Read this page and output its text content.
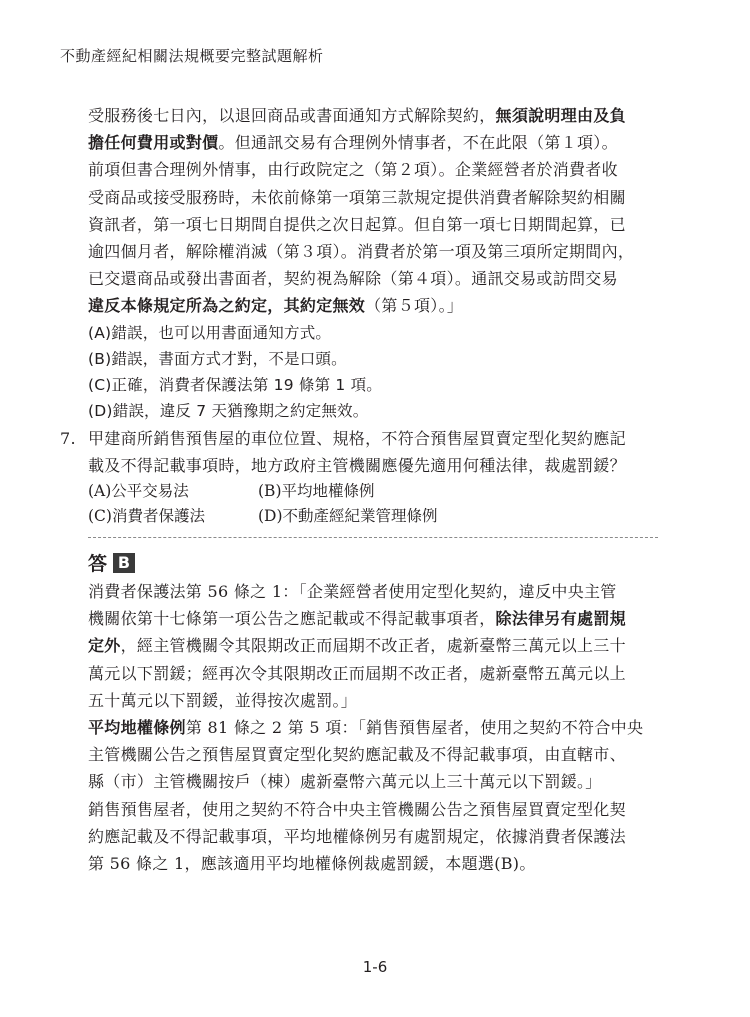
不動產經紀相關法規概要完整試題解析
受服務後七日內，以退回商品或書面通知方式解除契約，無須說明理由及負
擔任何費用或對價。但通訊交易有合理例外情事者，不在此限（第１項）。
前項但書合理例外情事，由行政院定之（第２項）。企業經營者於消費者收
受商品或接受服務時，未依前條第一項第三款規定提供消費者解除契約相關
資訊者，第一項七日期間自提供之次日起算。但自第一項七日期間起算，已
逾四個月者，解除權消滅（第３項）。消費者於第一項及第三項所定期間內，
已交還商品或發出書面者，契約視為解除（第４項）。通訊交易或訪問交易
違反本條規定所為之約定，其約定無效（第５項）。」
(A)錯誤，也可以用書面通知方式。
(B)錯誤，書面方式才對，不是口頭。
(C)正確，消費者保護法第 19 條第 1 項。
(D)錯誤，違反 7 天猶豫期之約定無效。
7. 甲建商所銷售預售屋的車位位置、規格，不符合預售屋買賣定型化契約應記
載及不得記載事項時，地方政府主管機關應優先適用何種法律，裁處罰鍰？
(A)公平交易法	(B)平均地權條例
(C)消費者保護法	(D)不動產經紀業管理條例
答 B
消費者保護法第 56 條之 1：「企業經營者使用定型化契約，違反中央主管
機關依第十七條第一項公告之應記載或不得記載事項者，除法律另有處罰規
定外，經主管機關令其限期改正而屆期不改正者，處新臺幣三萬元以上三十
萬元以下罰鍰；經再次令其限期改正而屆期不改正者，處新臺幣五萬元以上
五十萬元以下罰鍰，並得按次處罰。」
平均地權條例第 81 條之 2 第 5 項：「銷售預售屋者，使用之契約不符合中央
主管機關公告之預售屋買賣定型化契約應記載及不得記載事項，由直轄市、
縣（市）主管機關按戶（棟）處新臺幣六萬元以上三十萬元以下罰鍰。」
銷售預售屋者，使用之契約不符合中央主管機關公告之預售屋買賣定型化契
約應記載及不得記載事項，平均地權條例另有處罰規定，依據消費者保護法
第 56 條之 1，應該適用平均地權條例裁處罰鍰，本題選(B)。
1-6
